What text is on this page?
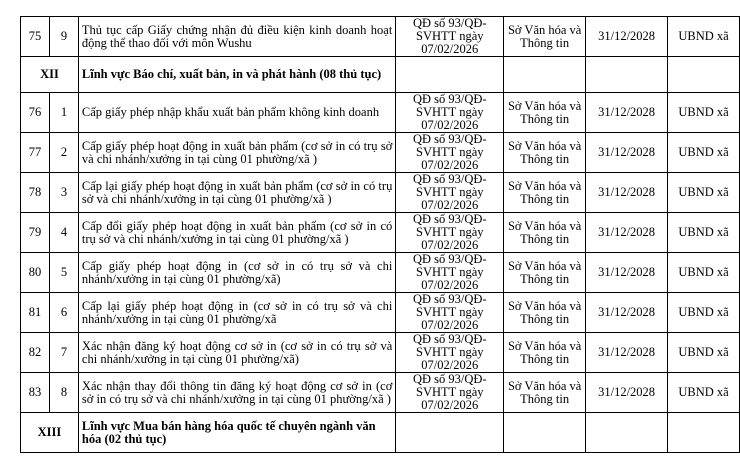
75	9	Thủ tục cấp Giấy chứng nhận đủ điều kiện kinh doanh hoạt động thể thao đối với môn Wushu	QĐ số 93/QĐ-SVHTT ngày 07/02/2026	Sở Văn hóa và Thông tin	31/12/2028	UBND xã
XII		Lĩnh vực Báo chí, xuất bản, in và phát hành (08 thủ tục)				
76	1	Cấp giấy phép nhập khẩu xuất bản phẩm không kinh doanh	QĐ số 93/QĐ-SVHTT ngày 07/02/2026	Sở Văn hóa và Thông tin	31/12/2028	UBND xã
77	2	Cấp giấy phép hoạt động in xuất bản phẩm (cơ sở in có trụ sở và chi nhánh/xưởng in tại cùng 01 phường/xã )	QĐ số 93/QĐ-SVHTT ngày 07/02/2026	Sở Văn hóa và Thông tin	31/12/2028	UBND xã
78	3	Cấp lại giấy phép hoạt động in xuất bản phẩm (cơ sở in có trụ sở và chi nhánh/xưởng in tại cùng 01 phường/xã )	QĐ số 93/QĐ-SVHTT ngày 07/02/2026	Sở Văn hóa và Thông tin	31/12/2028	UBND xã
79	4	Cấp đổi giấy phép hoạt động in xuất bản phẩm (cơ sở in có trụ sở và chi nhánh/xưởng in tại cùng 01 phường/xã )	QĐ số 93/QĐ-SVHTT ngày 07/02/2026	Sở Văn hóa và Thông tin	31/12/2028	UBND xã
80	5	Cấp giấy phép hoạt động in (cơ sở in có trụ sở và chi nhánh/xưởng in tại cùng 01 phường/xã)	QĐ số 93/QĐ-SVHTT ngày 07/02/2026	Sở Văn hóa và Thông tin	31/12/2028	UBND xã
81	6	Cấp lại giấy phép hoạt động in (cơ sở in có trụ sở và chi nhánh/xưởng in tại cùng 01 phường/xã	QĐ số 93/QĐ-SVHTT ngày 07/02/2026	Sở Văn hóa và Thông tin	31/12/2028	UBND xã
82	7	Xác nhận đăng ký hoạt động cơ sở in (cơ sở in có trụ sở và chi nhánh/xưởng in tại cùng 01 phường/xã)	QĐ số 93/QĐ-SVHTT ngày 07/02/2026	Sở Văn hóa và Thông tin	31/12/2028	UBND xã
83	8	Xác nhận thay đổi thông tin đăng ký hoạt động cơ sở in (cơ sở in có trụ sở và chi nhánh/xưởng in tại cùng 01 phường/xã )	QĐ số 93/QĐ-SVHTT ngày 07/02/2026	Sở Văn hóa và Thông tin	31/12/2028	UBND xã
XIII		Lĩnh vực Mua bán hàng hóa quốc tế chuyên ngành văn hóa (02 thủ tục)				
